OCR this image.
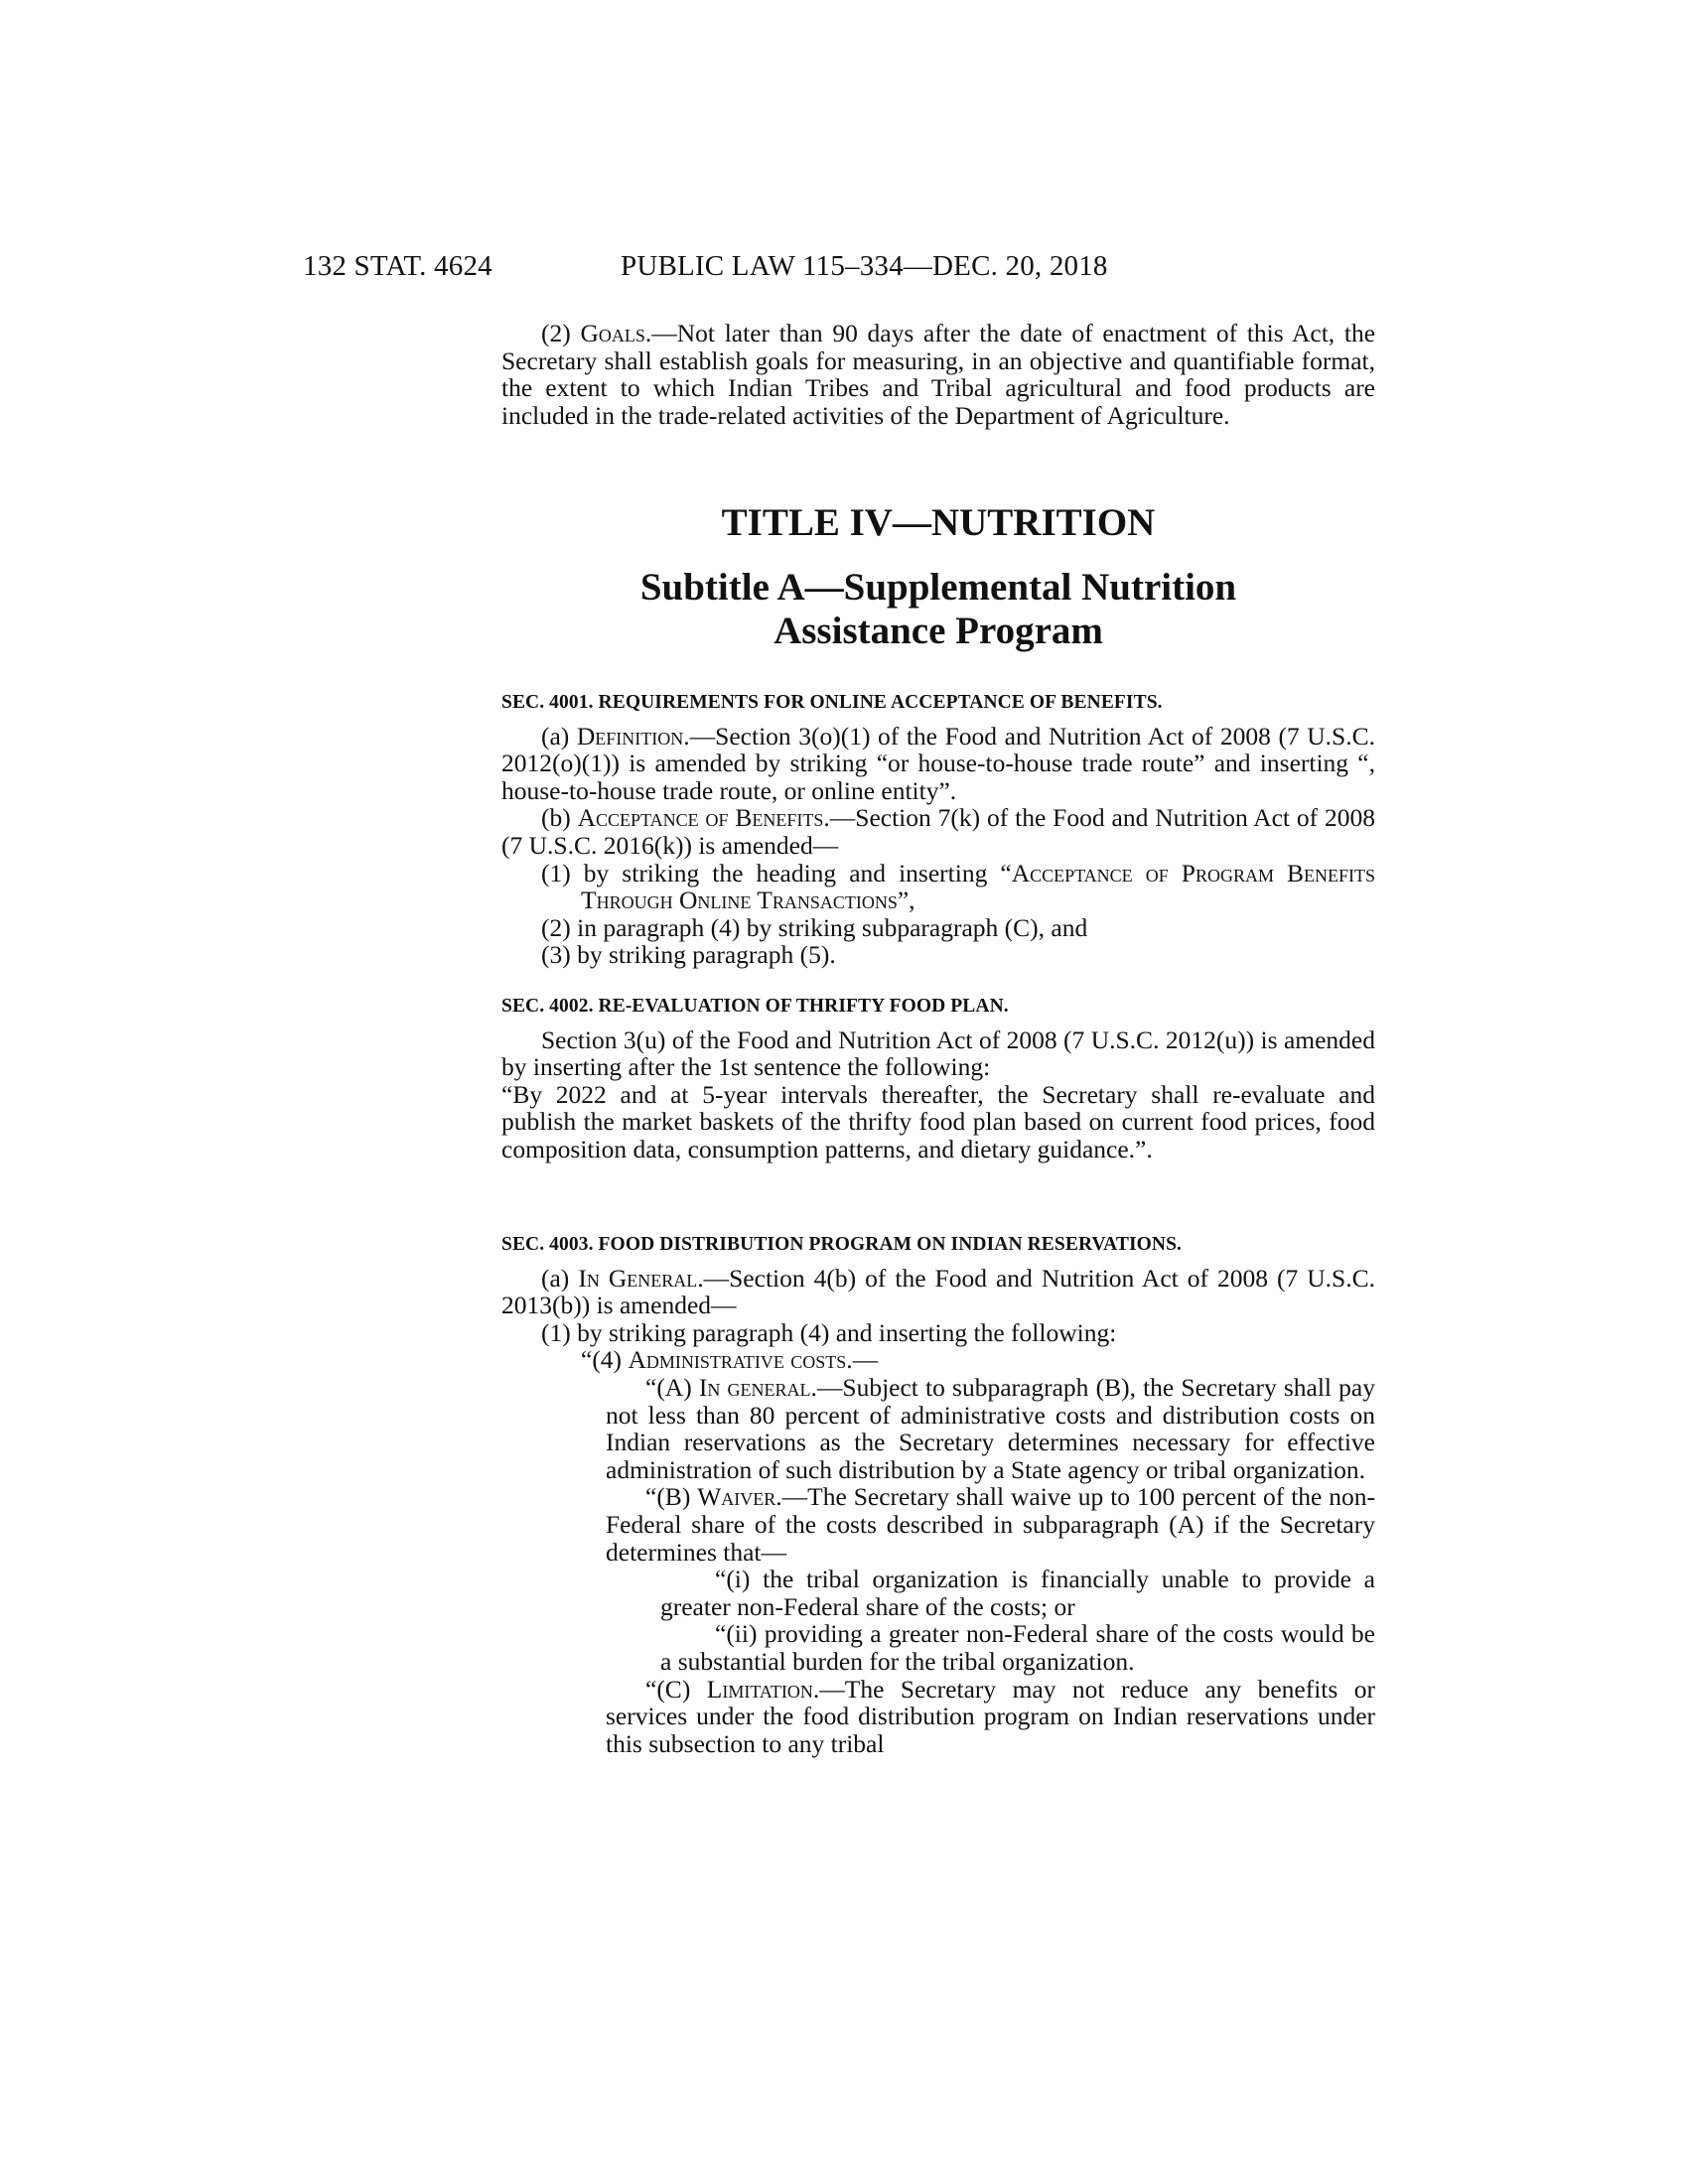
132 STAT. 4624	PUBLIC LAW 115–334—DEC. 20, 2018

(2) Goals.—Not later than 90 days after the date of enactment of this Act, the Secretary shall establish goals for measuring, in an objective and quantifiable format, the extent to which Indian Tribes and Tribal agricultural and food products are included in the trade-related activities of the Department of Agriculture.

TITLE IV—NUTRITION
Subtitle A—Supplemental Nutrition
Assistance Program

SEC. 4001. REQUIREMENTS FOR ONLINE ACCEPTANCE OF BENEFITS.

(a) Definition.—Section 3(o)(1) of the Food and Nutrition Act of 2008 (7 U.S.C. 2012(o)(1)) is amended by striking “or house-to-house trade route” and inserting “, house-to-house trade route, or online entity”.

(b) Acceptance of Benefits.—Section 7(k) of the Food and Nutrition Act of 2008 (7 U.S.C. 2016(k)) is amended—

(1) by striking the heading and inserting “Acceptance of Program Benefits Through Online Transactions”,

(2) in paragraph (4) by striking subparagraph (C), and

(3) by striking paragraph (5).

SEC. 4002. RE-EVALUATION OF THRIFTY FOOD PLAN.

Section 3(u) of the Food and Nutrition Act of 2008 (7 U.S.C. 2012(u)) is amended by inserting after the 1st sentence the following:

“By 2022 and at 5-year intervals thereafter, the Secretary shall re-evaluate and publish the market baskets of the thrifty food plan based on current food prices, food composition data, consumption patterns, and dietary guidance.”.

SEC. 4003. FOOD DISTRIBUTION PROGRAM ON INDIAN RESERVATIONS.

(a) In General.—Section 4(b) of the Food and Nutrition Act of 2008 (7 U.S.C. 2013(b)) is amended—

(1) by striking paragraph (4) and inserting the following:

“(4) Administrative costs.—

“(A) In general.—Subject to subparagraph (B), the Secretary shall pay not less than 80 percent of administrative costs and distribution costs on Indian reservations as the Secretary determines necessary for effective administration of such distribution by a State agency or tribal organization.

“(B) Waiver.—The Secretary shall waive up to 100 percent of the non-Federal share of the costs described in subparagraph (A) if the Secretary determines that—

“(i) the tribal organization is financially unable to provide a greater non-Federal share of the costs; or

“(ii) providing a greater non-Federal share of the costs would be a substantial burden for the tribal organization.

“(C) Limitation.—The Secretary may not reduce any benefits or services under the food distribution program on Indian reservations under this subsection to any tribal
